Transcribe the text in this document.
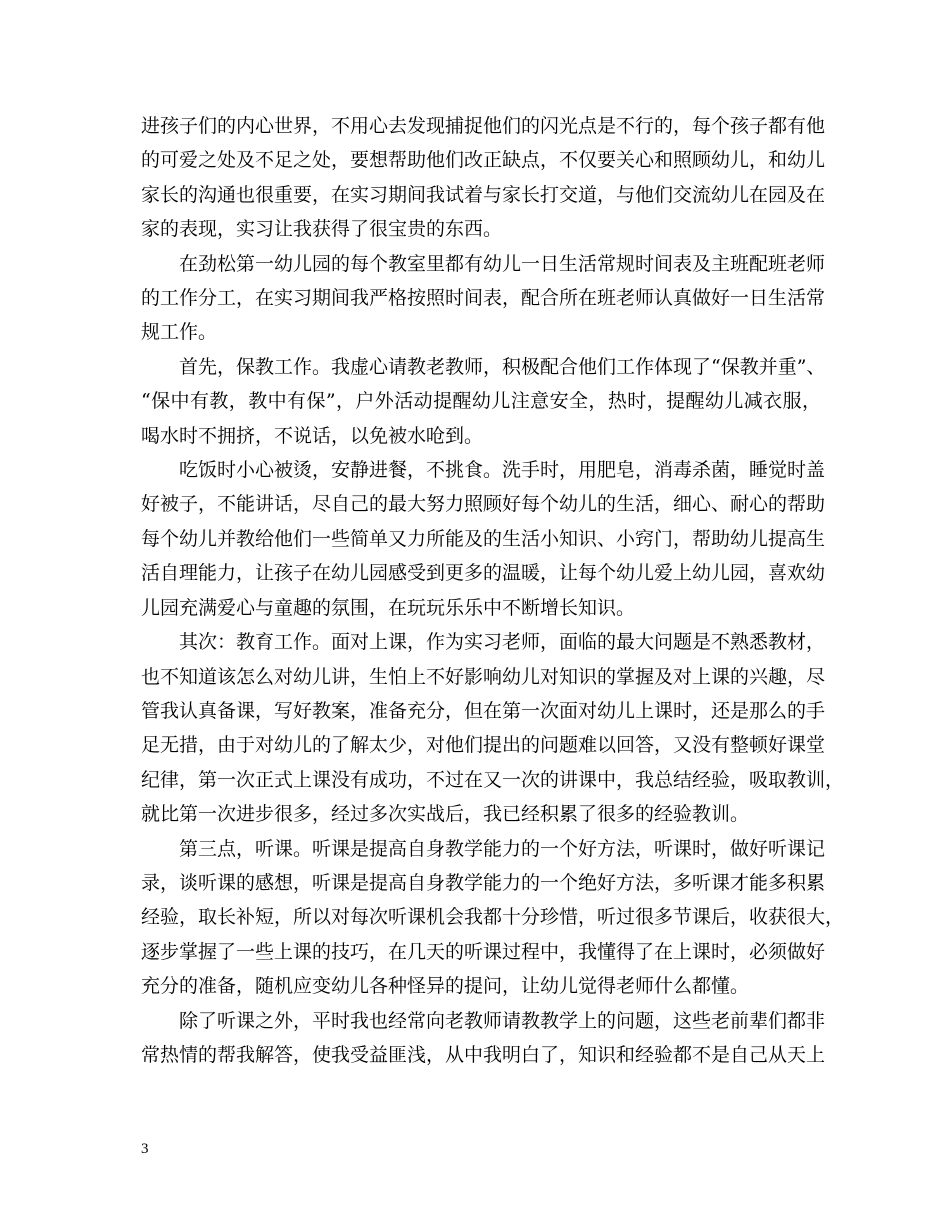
进孩子们的内心世界，不用心去发现捕捉他们的闪光点是不行的，每个孩子都有他
的可爱之处及不足之处，要想帮助他们改正缺点，不仅要关心和照顾幼儿，和幼儿
家长的沟通也很重要，在实习期间我试着与家长打交道，与他们交流幼儿在园及在
家的表现，实习让我获得了很宝贵的东西。
在劲松第一幼儿园的每个教室里都有幼儿一日生活常规时间表及主班配班老师
的工作分工，在实习期间我严格按照时间表，配合所在班老师认真做好一日生活常
规工作。
首先，保教工作。我虚心请教老教师，积极配合他们工作体现了“保教并重”、
“保中有教，教中有保”，户外活动提醒幼儿注意安全，热时，提醒幼儿减衣服，
喝水时不拥挤，不说话，以免被水呛到。
吃饭时小心被烫，安静进餐，不挑食。洗手时，用肥皂，消毒杀菌，睡觉时盖
好被子，不能讲话，尽自己的最大努力照顾好每个幼儿的生活，细心、耐心的帮助
每个幼儿并教给他们一些简单又力所能及的生活小知识、小窍门，帮助幼儿提高生
活自理能力，让孩子在幼儿园感受到更多的温暖，让每个幼儿爱上幼儿园，喜欢幼
儿园充满爱心与童趣的氛围，在玩玩乐乐中不断增长知识。
其次：教育工作。面对上课，作为实习老师，面临的最大问题是不熟悉教材，
也不知道该怎么对幼儿讲，生怕上不好影响幼儿对知识的掌握及对上课的兴趣，尽
管我认真备课，写好教案，准备充分，但在第一次面对幼儿上课时，还是那么的手
足无措，由于对幼儿的了解太少，对他们提出的问题难以回答，又没有整顿好课堂
纪律，第一次正式上课没有成功，不过在又一次的讲课中，我总结经验，吸取教训，
就比第一次进步很多，经过多次实战后，我已经积累了很多的经验教训。
第三点，听课。听课是提高自身教学能力的一个好方法，听课时，做好听课记
录，谈听课的感想，听课是提高自身教学能力的一个绝好方法，多听课才能多积累
经验，取长补短，所以对每次听课机会我都十分珍惜，听过很多节课后，收获很大，
逐步掌握了一些上课的技巧，在几天的听课过程中，我懂得了在上课时，必须做好
充分的准备，随机应变幼儿各种怪异的提问，让幼儿觉得老师什么都懂。
除了听课之外，平时我也经常向老教师请教教学上的问题，这些老前辈们都非
常热情的帮我解答，使我受益匪浅，从中我明白了，知识和经验都不是自己从天上
3
